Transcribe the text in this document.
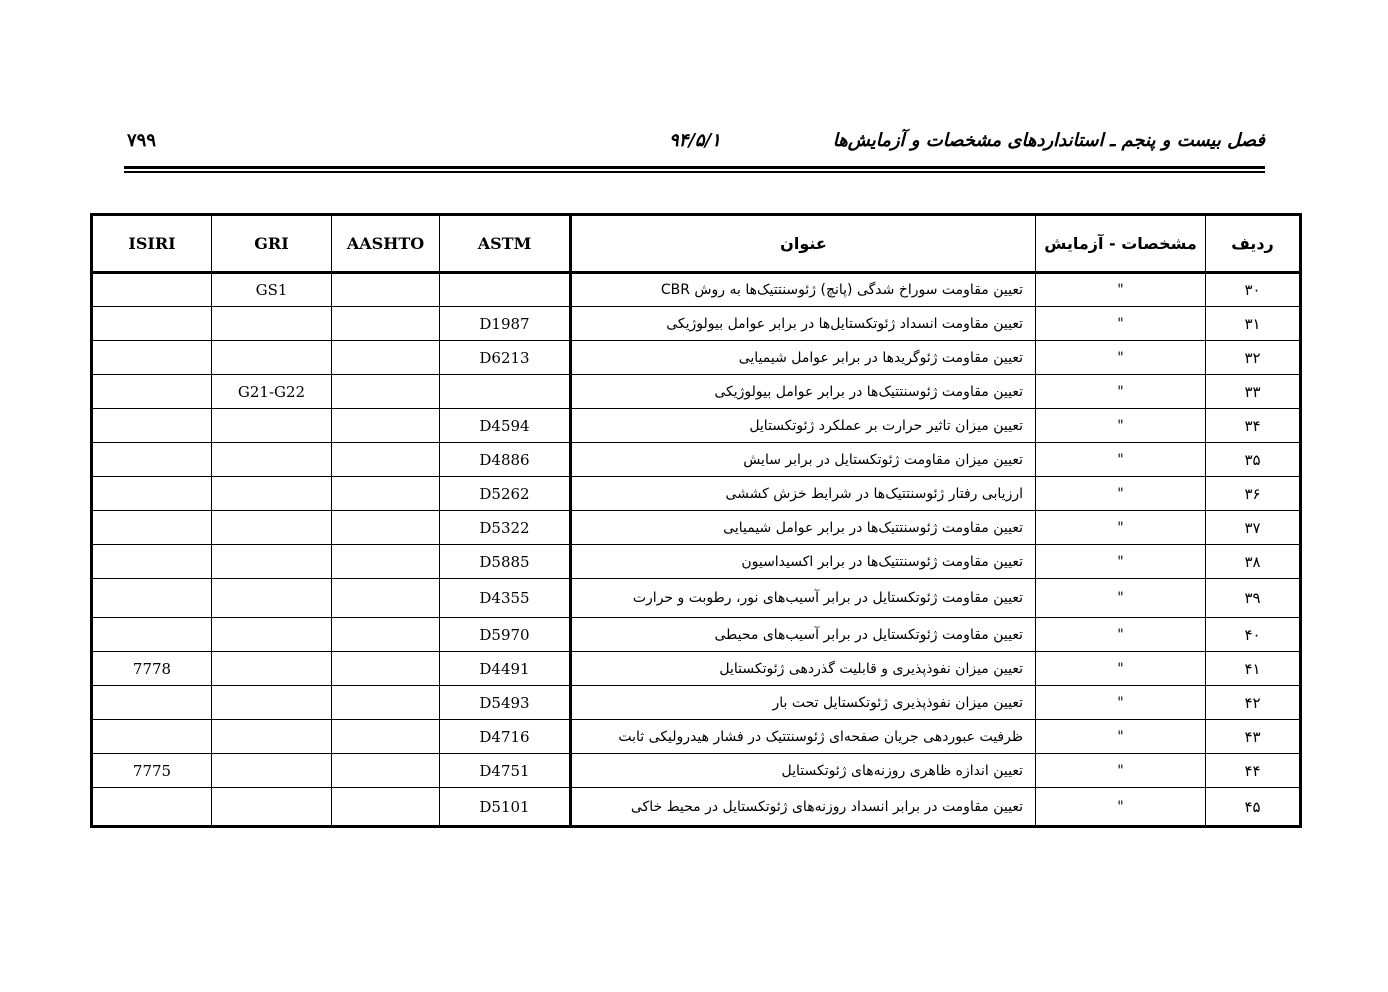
۷۹۹	۹۴/۵/۱	فصل بیست و پنجم ـ استانداردهای مشخصات و آزمایش‌ها
ISIRI	GRI	AASHTO	ASTM	عنوان	مشخصات - آزمایش	ردیف
	GS1			تعیین مقاومت سوراخ شدگی (پانچ) ژئوسنتتیک‌ها به روش CBR	"	۳۰
			D1987	تعیین مقاومت انسداد ژئوتکستایل‌ها در برابر عوامل بیولوژیکی	"	۳۱
			D6213	تعیین مقاومت ژئوگریدها در برابر عوامل شیمیایی	"	۳۲
	G21-G22			تعیین مقاومت ژئوسنتتیک‌ها در برابر عوامل بیولوژیکی	"	۳۳
			D4594	تعیین میزان تاثیر حرارت بر عملکرد ژئوتکستایل	"	۳۴
			D4886	تعیین میزان مقاومت ژئوتکستایل در برابر سایش	"	۳۵
			D5262	ارزیابی رفتار ژئوسنتتیک‌ها در شرایط خزش کششی	"	۳۶
			D5322	تعیین مقاومت ژئوسنتتیک‌ها در برابر عوامل شیمیایی	"	۳۷
			D5885	تعیین مقاومت ژئوسنتتیک‌ها در برابر اکسیداسیون	"	۳۸
			D4355	تعیین مقاومت ژئوتکستایل در برابر آسیب‌های نور، رطوبت و حرارت	"	۳۹
			D5970	تعیین مقاومت ژئوتکستایل در برابر آسیب‌های محیطی	"	۴۰
7778			D4491	تعیین میزان نفوذپذیری و قابلیت گذردهی ژئوتکستایل	"	۴۱
			D5493	تعیین میزان نفوذپذیری ژئوتکستایل تحت بار	"	۴۲
			D4716	ظرفیت عبوردهی جریان صفحه‌ای ژئوسنتتیک در فشار هیدرولیکی ثابت	"	۴۳
7775			D4751	تعیین اندازه ظاهری روزنه‌های ژئوتکستایل	"	۴۴
			D5101	تعیین مقاومت در برابر انسداد روزنه‌های ژئوتکستایل در محیط خاکی	"	۴۵
